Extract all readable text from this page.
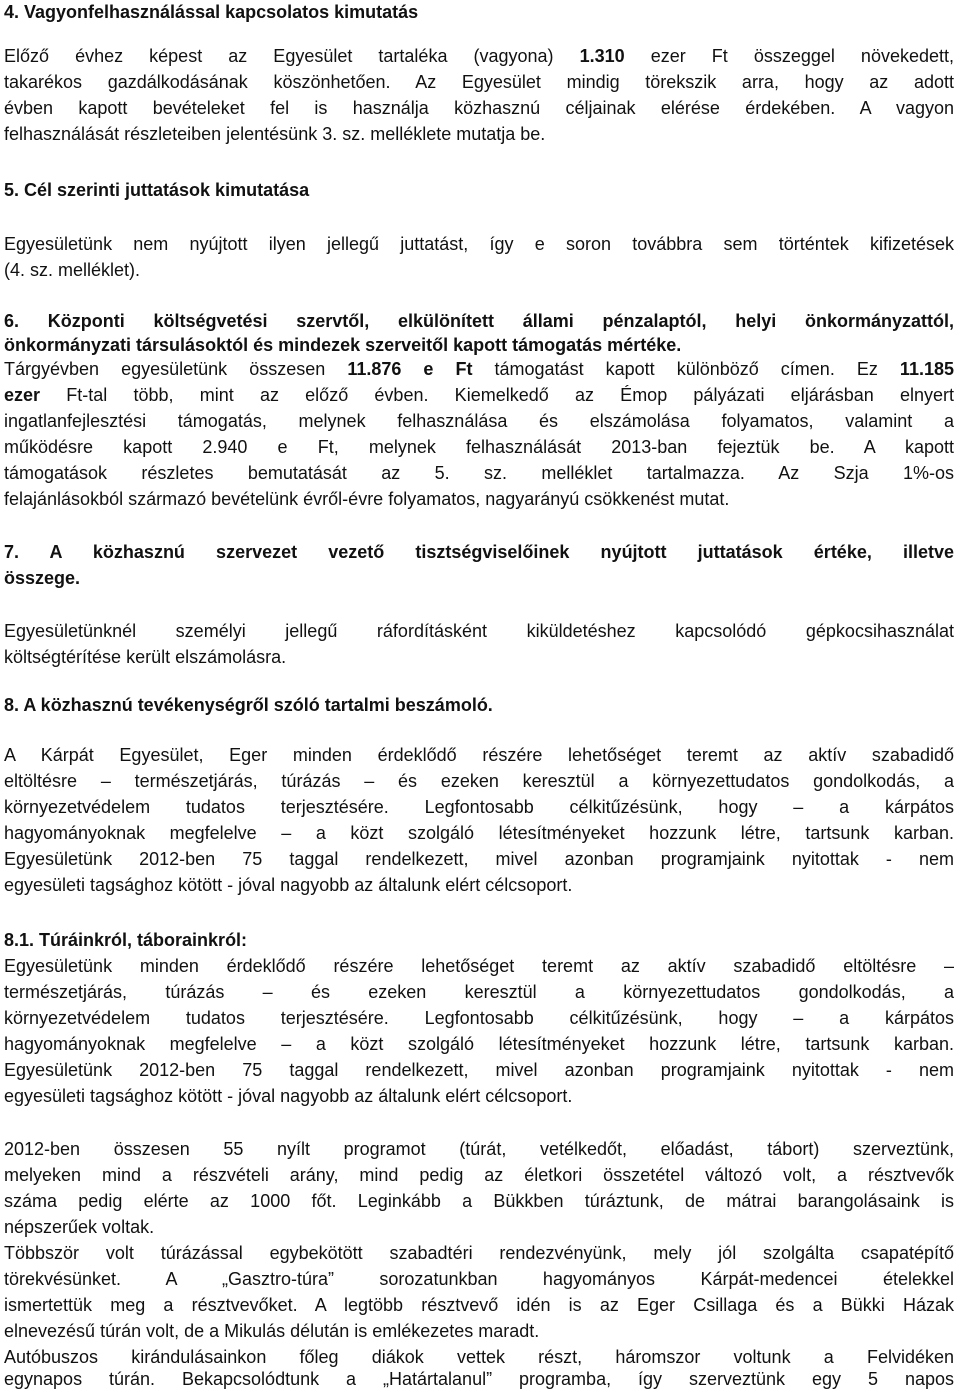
4. Vagyonfelhasználással kapcsolatos kimutatás

Előző évhez képest az Egyesület tartaléka (vagyona) 1.310 ezer Ft összeggel növekedett,

takarékos gazdálkodásának köszönhetően. Az Egyesület mindig törekszik arra, hogy az adott

évben kapott bevételeket fel is használja közhasznú céljainak elérése érdekében. A vagyon

felhasználását részleteiben jelentésünk 3. sz. melléklete mutatja be.

5. Cél szerinti juttatások kimutatása

Egyesületünk nem nyújtott ilyen jellegű juttatást, így e soron továbbra sem történtek kifizetések

(4. sz. melléklet).

6. Központi költségvetési szervtől, elkülönített állami pénzalaptól, helyi önkormányzattól,

önkormányzati társulásoktól és mindezek szerveitől kapott támogatás mértéke.

Tárgyévben egyesületünk összesen 11.876 e Ft támogatást kapott különböző címen. Ez 11.185

ezer Ft-tal több, mint az előző évben. Kiemelkedő az Émop pályázati eljárásban elnyert

ingatlanfejlesztési támogatás, melynek felhasználása és elszámolása folyamatos, valamint a

működésre kapott 2.940 e Ft, melynek felhasználását 2013-ban fejeztük be. A kapott

támogatások részletes bemutatását az 5. sz. melléklet tartalmazza. Az Szja 1%-os

felajánlásokból származó bevételünk évről-évre folyamatos, nagyarányú csökkenést mutat.

7. A közhasznú szervezet vezető tisztségviselőinek nyújtott juttatások értéke, illetve

összege.

Egyesületünknél személyi jellegű ráfordításként kiküldetéshez kapcsolódó gépkocsihasználat

költségtérítése került elszámolásra.

8. A közhasznú tevékenységről szóló tartalmi beszámoló.

A Kárpát Egyesület, Eger minden érdeklődő részére lehetőséget teremt az aktív szabadidő

eltöltésre – természetjárás, túrázás – és ezeken keresztül a környezettudatos gondolkodás, a

környezetvédelem tudatos terjesztésére. Legfontosabb célkitűzésünk, hogy – a kárpátos

hagyományoknak megfelelve – a közt szolgáló létesítményeket hozzunk létre, tartsunk karban.

Egyesületünk 2012-ben 75 taggal rendelkezett, mivel azonban programjaink nyitottak - nem

egyesületi tagsághoz kötött - jóval nagyobb az általunk elért célcsoport.

8.1. Túráinkról, táborainkról:

Egyesületünk minden érdeklődő részére lehetőséget teremt az aktív szabadidő eltöltésre –

természetjárás, túrázás – és ezeken keresztül a környezettudatos gondolkodás, a

környezetvédelem tudatos terjesztésére. Legfontosabb célkitűzésünk, hogy – a kárpátos

hagyományoknak megfelelve – a közt szolgáló létesítményeket hozzunk létre, tartsunk karban.

Egyesületünk 2012-ben 75 taggal rendelkezett, mivel azonban programjaink nyitottak - nem

egyesületi tagsághoz kötött - jóval nagyobb az általunk elért célcsoport.

2012-ben összesen 55 nyílt programot (túrát, vetélkedőt, előadást, tábort) szerveztünk,

melyeken mind a részvételi arány, mind pedig az életkori összetétel változó volt, a résztvevők

száma pedig elérte az 1000 főt. Leginkább a Bükkben túráztunk, de mátrai barangolásaink is

népszerűek voltak.

Többször volt túrázással egybekötött szabadtéri rendezvényünk, mely jól szolgálta csapatépítő

törekvésünket. A „Gasztro-túra” sorozatunkban hagyományos Kárpát-medencei ételekkel

ismertettük meg a résztvevőket. A legtöbb résztvevő idén is az Eger Csillaga és a Bükki Házak

elnevezésű túrán volt, de a Mikulás délután is emlékezetes maradt.

Autóbuszos kirándulásainkon főleg diákok vettek részt, háromszor voltunk a Felvidéken

egynapos túrán. Bekapcsolódtunk a „Határtalanul” programba, így szerveztünk egy 5 napos
